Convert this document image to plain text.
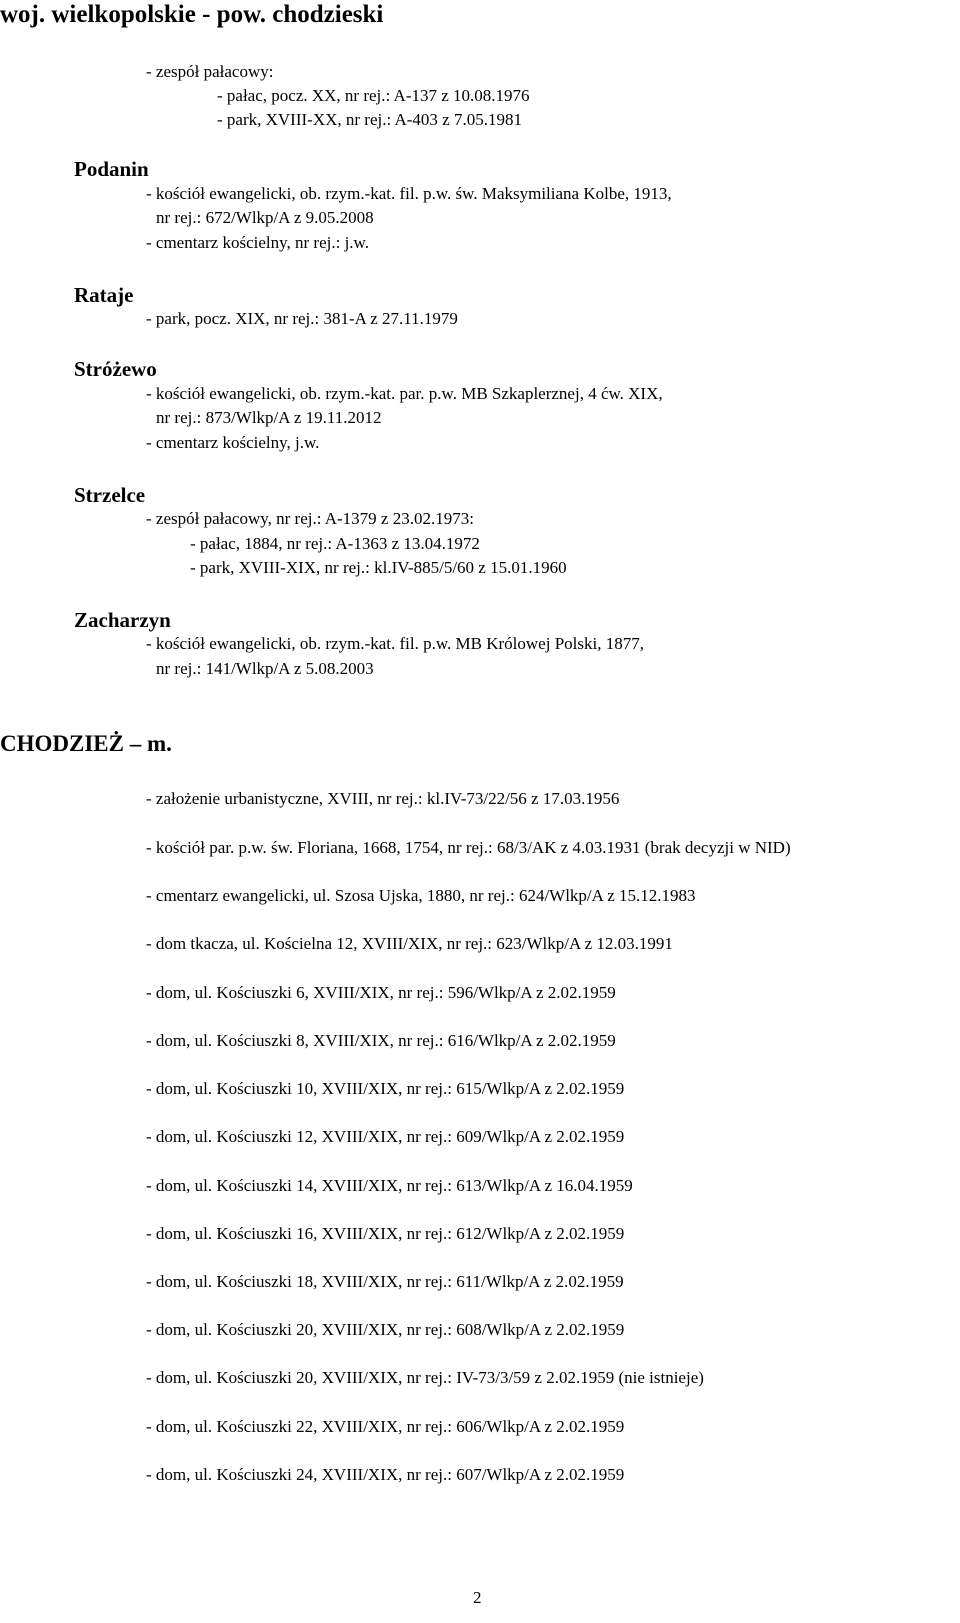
woj. wielkopolskie - pow. chodzieski
- zespół pałacowy:
- pałac, pocz. XX, nr rej.: A-137 z 10.08.1976
- park, XVIII-XX, nr rej.: A-403 z 7.05.1981
Podanin
- kościół ewangelicki, ob. rzym.-kat. fil. p.w. św. Maksymiliana Kolbe, 1913,
nr rej.: 672/Wlkp/A z 9.05.2008
- cmentarz kościelny, nr rej.: j.w.
Rataje
- park, pocz. XIX, nr rej.: 381-A z 27.11.1979
Stróżewo
- kościół ewangelicki, ob. rzym.-kat. par. p.w. MB Szkaplerznej, 4 ćw. XIX,
nr rej.: 873/Wlkp/A z 19.11.2012
- cmentarz kościelny, j.w.
Strzelce
- zespół pałacowy, nr rej.: A-1379 z 23.02.1973:
- pałac, 1884, nr rej.: A-1363 z 13.04.1972
- park, XVIII-XIX, nr rej.: kl.IV-885/5/60 z 15.01.1960
Zacharzyn
- kościół ewangelicki, ob. rzym.-kat. fil. p.w. MB Królowej Polski, 1877,
nr rej.: 141/Wlkp/A z 5.08.2003
CHODZIEŻ – m.
- założenie urbanistyczne, XVIII, nr rej.: kl.IV-73/22/56 z 17.03.1956
- kościół par. p.w. św. Floriana, 1668, 1754, nr rej.: 68/3/AK z 4.03.1931 (brak decyzji w NID)
- cmentarz ewangelicki, ul. Szosa Ujska, 1880, nr rej.: 624/Wlkp/A z 15.12.1983
- dom tkacza, ul. Kościelna 12, XVIII/XIX, nr rej.: 623/Wlkp/A z 12.03.1991
- dom, ul. Kościuszki 6, XVIII/XIX, nr rej.: 596/Wlkp/A z 2.02.1959
- dom, ul. Kościuszki 8, XVIII/XIX, nr rej.: 616/Wlkp/A z 2.02.1959
- dom, ul. Kościuszki 10, XVIII/XIX, nr rej.: 615/Wlkp/A z 2.02.1959
- dom, ul. Kościuszki 12, XVIII/XIX, nr rej.: 609/Wlkp/A z 2.02.1959
- dom, ul. Kościuszki 14, XVIII/XIX, nr rej.: 613/Wlkp/A z 16.04.1959
- dom, ul. Kościuszki 16, XVIII/XIX, nr rej.: 612/Wlkp/A z 2.02.1959
- dom, ul. Kościuszki 18, XVIII/XIX, nr rej.: 611/Wlkp/A z 2.02.1959
- dom, ul. Kościuszki 20, XVIII/XIX, nr rej.: 608/Wlkp/A z 2.02.1959
- dom, ul. Kościuszki 20, XVIII/XIX, nr rej.: IV-73/3/59 z 2.02.1959 (nie istnieje)
- dom, ul. Kościuszki 22, XVIII/XIX, nr rej.: 606/Wlkp/A z 2.02.1959
- dom, ul. Kościuszki 24, XVIII/XIX, nr rej.: 607/Wlkp/A z 2.02.1959
2
